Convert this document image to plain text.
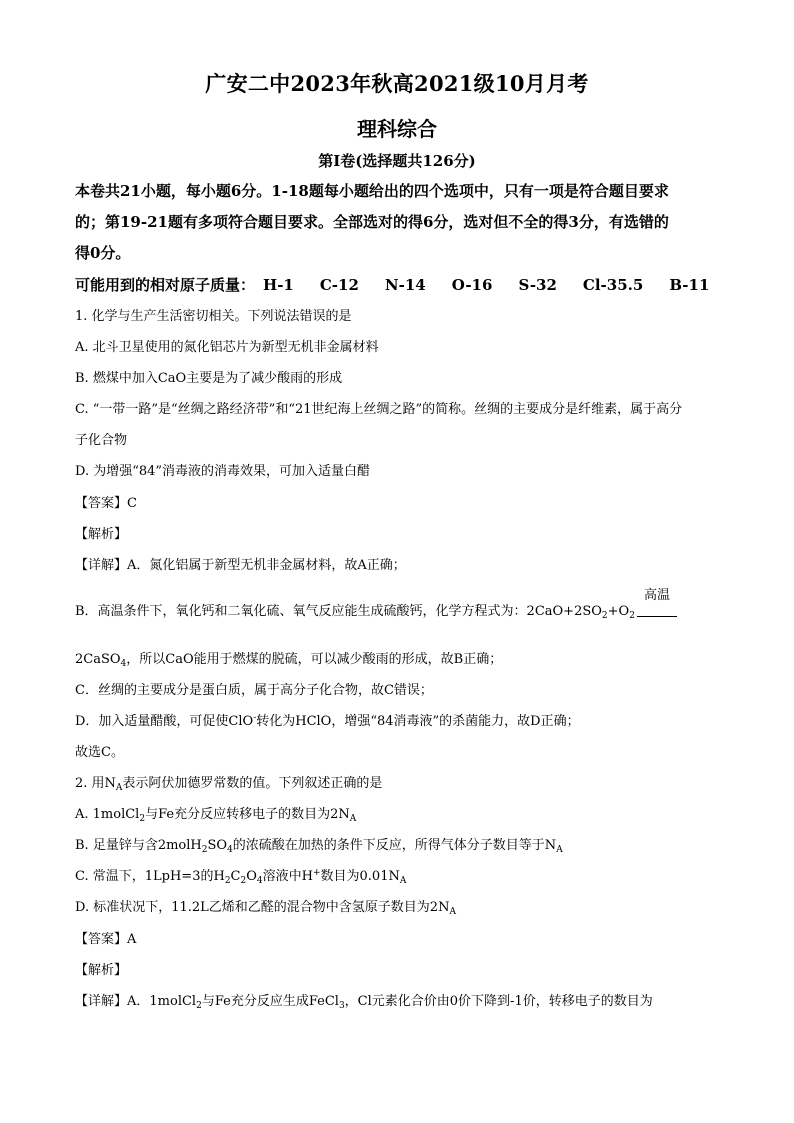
广安二中2023年秋高2021级10月月考
理科综合
第I卷(选择题共126分)
本卷共21小题，每小题6分。1-18题每小题给出的四个选项中，只有一项是符合题目要求
的；第19-21题有多项符合题目要求。全部选对的得6分，选对但不全的得3分，有选错的
得0分。
可能用到的相对原子质量： H-1 C-12 N-14 O-16 S-32 Cl-35.5 B-11
1. 化学与生产生活密切相关。下列说法错误的是
A. 北斗卫星使用的氮化铝芯片为新型无机非金属材料
B. 燃煤中加入CaO主要是为了减少酸雨的形成
C. “一带一路”是“丝绸之路经济带”和“21世纪海上丝绸之路”的简称。丝绸的主要成分是纤维素，属于高分
子化合物
D. 为增强“84”消毒液的消毒效果，可加入适量白醋
【答案】C
【解析】
【详解】A．氮化铝属于新型无机非金属材料，故A正确；
B．高温条件下，氧化钙和二氧化硫、氧气反应能生成硫酸钙，化学方程式为：$2CaO+2SO_2+O_2$
高温
2CaSO$_4$，所以CaO能用于燃煤的脱硫，可以减少酸雨的形成，故B正确；
C．丝绸的主要成分是蛋白质，属于高分子化合物，故C错误；
D．加入适量醋酸，可促使ClO-转化为HClO，增强“84消毒液”的杀菌能力，故D正确；
故选C。
2. 用$N_A$表示阿伏加德罗常数的值。下列叙述正确的是
A. 1molCl$_2$与Fe充分反应转移电子的数目为$2N_A$
B. 足量锌与含$2molH_2SO_4$的浓硫酸在加热的条件下反应，所得气体分子数目等于$N_A$
C. 常温下，1LpH=3的$H_2C_2O_4$溶液中H+数目为$0.01N_A$
D. 标准状况下，11.2L乙烯和乙醛的混合物中含氢原子数目为$2N_A$
【答案】A
【解析】
【详解】A．1molCl$_2$与Fe充分反应生成FeCl$_3$，Cl元素化合价由0价下降到-1价，转移电子的数目为
